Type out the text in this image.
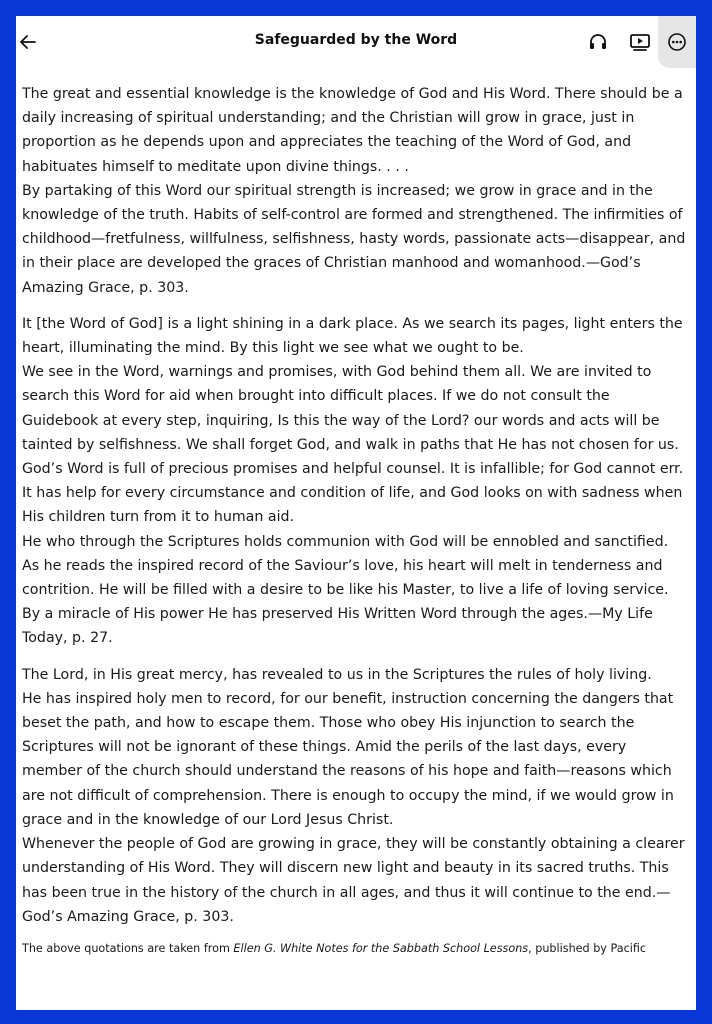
Safeguarded by the Word

The great and essential knowledge is the knowledge of God and His Word. There should be a daily increasing of spiritual understanding; and the Christian will grow in grace, just in proportion as he depends upon and appreciates the teaching of the Word of God, and habituates himself to meditate upon divine things. . . .

By partaking of this Word our spiritual strength is increased; we grow in grace and in the knowledge of the truth. Habits of self-control are formed and strengthened. The infirmities of childhood—fretfulness, willfulness, selfishness, hasty words, passionate acts—disappear, and in their place are developed the graces of Christian manhood and womanhood.—God’s Amazing Grace, p. 303.

It [the Word of God] is a light shining in a dark place. As we search its pages, light enters the heart, illuminating the mind. By this light we see what we ought to be.

We see in the Word, warnings and promises, with God behind them all. We are invited to search this Word for aid when brought into difficult places. If we do not consult the Guidebook at every step, inquiring, Is this the way of the Lord? our words and acts will be tainted by selfishness. We shall forget God, and walk in paths that He has not chosen for us.

God’s Word is full of precious promises and helpful counsel. It is infallible; for God cannot err. It has help for every circumstance and condition of life, and God looks on with sadness when His children turn from it to human aid.

He who through the Scriptures holds communion with God will be ennobled and sanctified. As he reads the inspired record of the Saviour’s love, his heart will melt in tenderness and contrition. He will be filled with a desire to be like his Master, to live a life of loving service. By a miracle of His power He has preserved His Written Word through the ages.—My Life Today, p. 27.

The Lord, in His great mercy, has revealed to us in the Scriptures the rules of holy living.

He has inspired holy men to record, for our benefit, instruction concerning the dangers that beset the path, and how to escape them. Those who obey His injunction to search the Scriptures will not be ignorant of these things. Amid the perils of the last days, every member of the church should understand the reasons of his hope and faith—reasons which are not difficult of comprehension. There is enough to occupy the mind, if we would grow in grace and in the knowledge of our Lord Jesus Christ.

Whenever the people of God are growing in grace, they will be constantly obtaining a clearer understanding of His Word. They will discern new light and beauty in its sacred truths. This has been true in the history of the church in all ages, and thus it will continue to the end.—God’s Amazing Grace, p. 303.

The above quotations are taken from Ellen G. White Notes for the Sabbath School Lessons, published by Pacific
